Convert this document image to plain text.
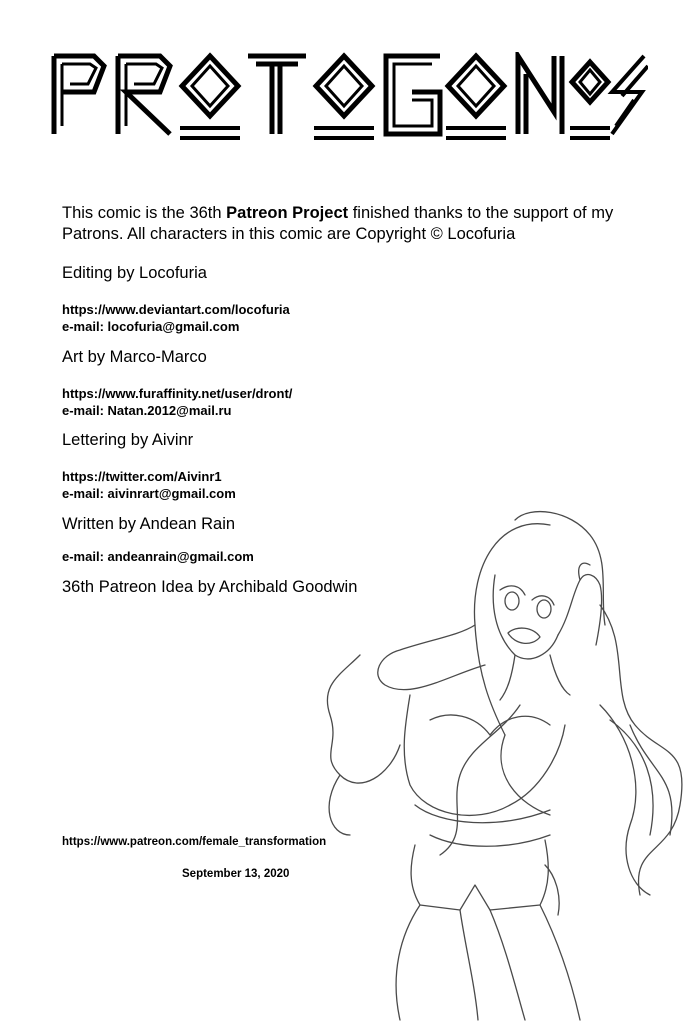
This comic is the 36th Patreon Project finished thanks to the support of my Patrons. All characters in this comic are Copyright © Locofuria

Editing by Locofuria

https://www.deviantart.com/locofuria
e-mail: locofuria@gmail.com

Art by Marco-Marco

https://www.furaffinity.net/user/dront/
e-mail: Natan.2012@mail.ru

Lettering by Aivinr

https://twitter.com/Aivinr1
e-mail: aivinrart@gmail.com

Written by Andean Rain

e-mail: andeanrain@gmail.com

36th Patreon Idea by Archibald Goodwin

https://www.patreon.com/female_transformation
September 13, 2020
